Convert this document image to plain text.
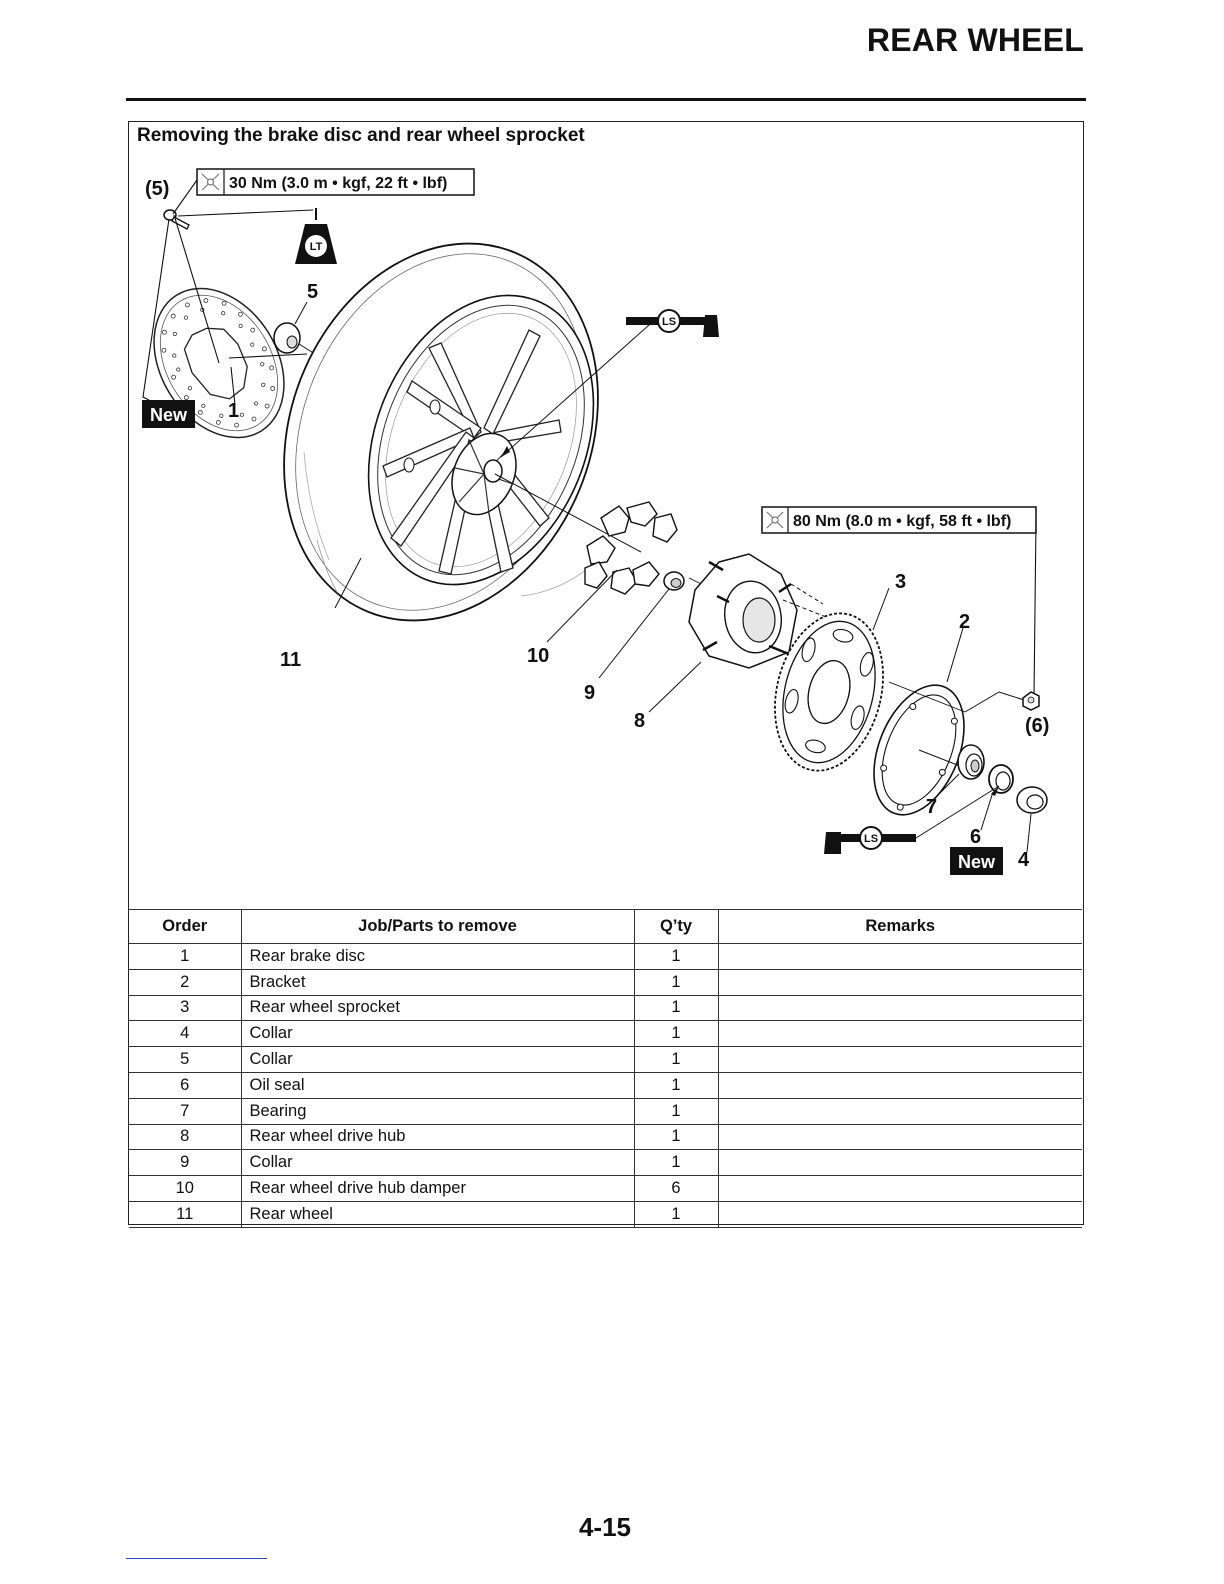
REAR WHEEL
Removing the brake disc and rear wheel sprocket
30 Nm (3.0 m • kgf, 22 ft • lbf)
LT
New
LS
80 Nm (8.0 m • kgf, 58 ft • lbf)
LS
New
(5)
5
1
11	10
9
8
3
2
(6)
7
6
4
Order	Job/Parts to remove	Q’ty	Remarks
1	Rear brake disc	1	
2	Bracket	1	
3	Rear wheel sprocket	1	
4	Collar	1	
5	Collar	1	
6	Oil seal	1	
7	Bearing	1	
8	Rear wheel drive hub	1	
9	Collar	1	
10	Rear wheel drive hub damper	6	
11	Rear wheel	1	
4-15
